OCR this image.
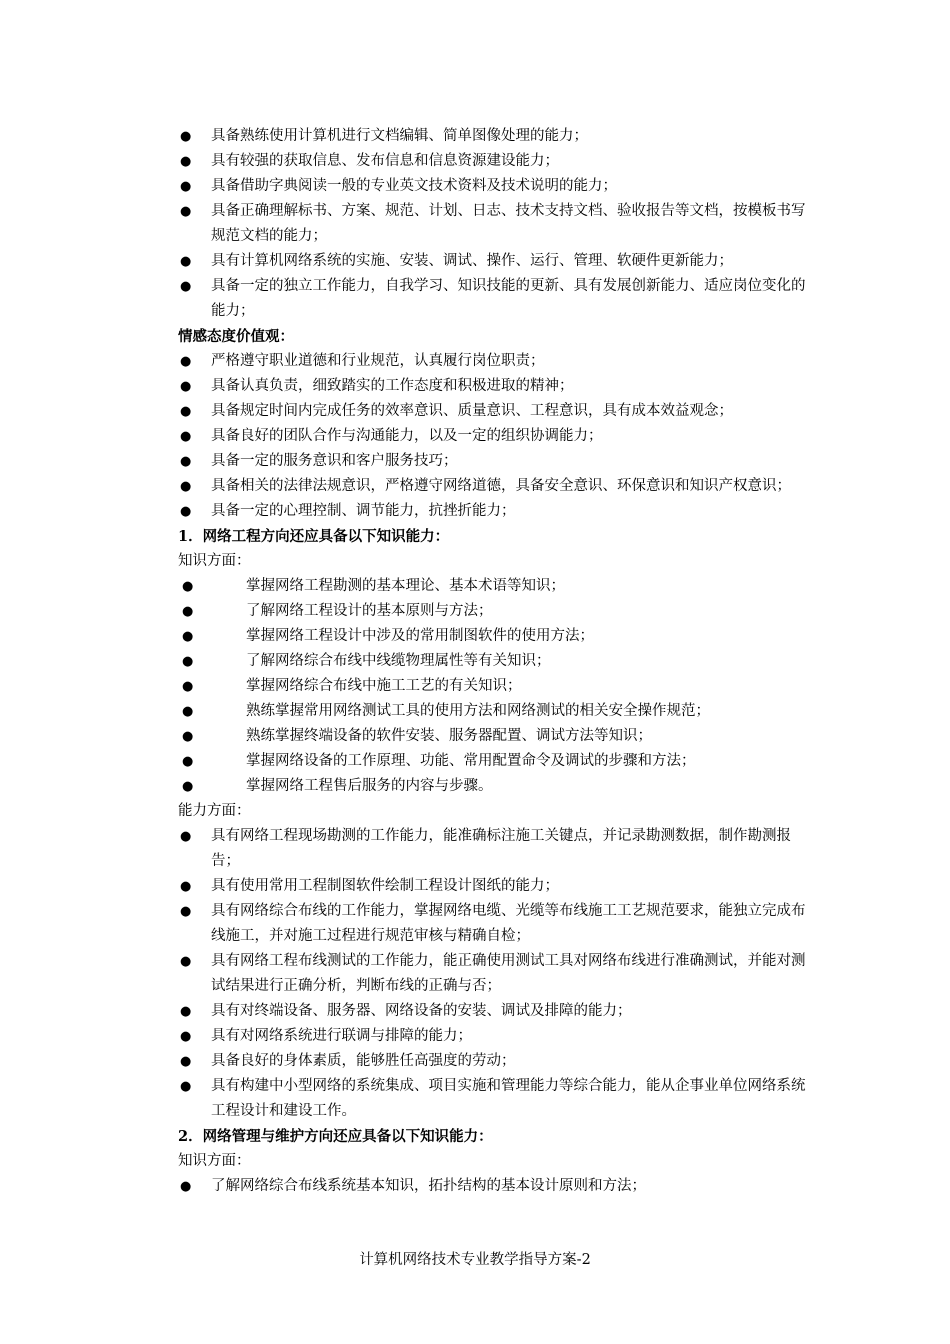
● 具备熟练使用计算机进行文档编辑、简单图像处理的能力；
● 具有较强的获取信息、发布信息和信息资源建设能力；
● 具备借助字典阅读一般的专业英文技术资料及技术说明的能力；
● 具备正确理解标书、方案、规范、计划、日志、技术支持文档、验收报告等文档，按模板书写规范文档的能力；
● 具有计算机网络系统的实施、安装、调试、操作、运行、管理、软硬件更新能力；
● 具备一定的独立工作能力，自我学习、知识技能的更新、具有发展创新能力、适应岗位变化的能力；
情感态度价值观：
● 严格遵守职业道德和行业规范，认真履行岗位职责；
● 具备认真负责，细致踏实的工作态度和积极进取的精神；
● 具备规定时间内完成任务的效率意识、质量意识、工程意识，具有成本效益观念；
● 具备良好的团队合作与沟通能力，以及一定的组织协调能力；
● 具备一定的服务意识和客户服务技巧；
● 具备相关的法律法规意识，严格遵守网络道德，具备安全意识、环保意识和知识产权意识；
● 具备一定的心理控制、调节能力，抗挫折能力；
1．网络工程方向还应具备以下知识能力：
知识方面：
●	掌握网络工程勘测的基本理论、基本术语等知识；
●	了解网络工程设计的基本原则与方法；
●	掌握网络工程设计中涉及的常用制图软件的使用方法；
●	了解网络综合布线中线缆物理属性等有关知识；
●	掌握网络综合布线中施工工艺的有关知识；
●	熟练掌握常用网络测试工具的使用方法和网络测试的相关安全操作规范；
●	熟练掌握终端设备的软件安装、服务器配置、调试方法等知识；
●	掌握网络设备的工作原理、功能、常用配置命令及调试的步骤和方法；
●	掌握网络工程售后服务的内容与步骤。
能力方面：
● 具有网络工程现场勘测的工作能力，能准确标注施工关键点，并记录勘测数据，制作勘测报告；
● 具有使用常用工程制图软件绘制工程设计图纸的能力；
● 具有网络综合布线的工作能力，掌握网络电缆、光缆等布线施工工艺规范要求，能独立完成布线施工，并对施工过程进行规范审核与精确自检；
● 具有网络工程布线测试的工作能力，能正确使用测试工具对网络布线进行准确测试，并能对测试结果进行正确分析，判断布线的正确与否；
● 具有对终端设备、服务器、网络设备的安装、调试及排障的能力；
● 具有对网络系统进行联调与排障的能力；
● 具备良好的身体素质，能够胜任高强度的劳动；
● 具有构建中小型网络的系统集成、项目实施和管理能力等综合能力，能从企事业单位网络系统工程设计和建设工作。
2．网络管理与维护方向还应具备以下知识能力：
知识方面：
● 了解网络综合布线系统基本知识，拓扑结构的基本设计原则和方法；
计算机网络技术专业教学指导方案-2
